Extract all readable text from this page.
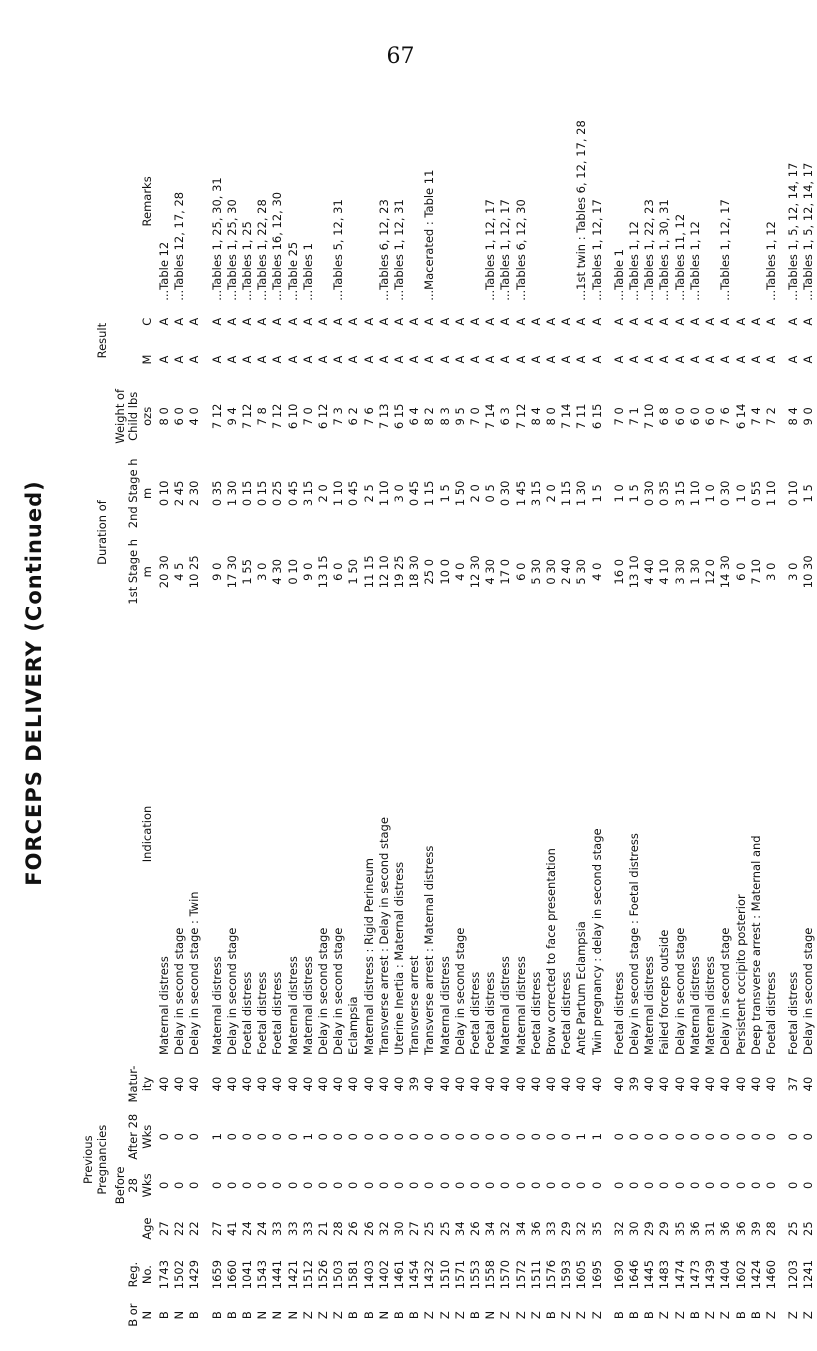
67
FORCEPS DELIVERY (Continued)
B or N	Reg. No.	Age	Previous Pregnancies		Matur- ity	Indication	Duration of		Weight of Child lbs ozs	Result		Remarks
			Before 28 Wks	After 28 Wks			1st Stage h m	2nd Stage h m		M	C	
B	1743	27	0	0	40	Maternal distress	20 30	0 10	8 0	A	A	...Table 12
N	1502	22	0	0	40	Delay in second stage	4 5	2 45	6 0	A	A	...Tables 12, 17, 28
B	1429	22	0	0	40	Delay in second stage : Twin	10 25	2 30	4 0	A	A	

B	1659	27	0	1	40	Maternal distress	9 0	0 35	7 12	A	A	...Tables 1, 25, 30, 31
B	1660	41	0	0	40	Delay in second stage	17 30	1 30	9 4	A	A	...Tables 1, 25, 30
B	1041	24	0	0	40	Foetal distress	1 55	0 15	7 12	A	A	...Tables 1, 25
N	1543	24	0	0	40	Foetal distress	3 0	0 15	7 8	A	A	...Tables 1, 22, 28
N	1441	33	0	0	40	Foetal distress	4 30	0 25	7 12	A	A	...Tables 16, 12, 30
N	1421	33	0	0	40	Maternal distress	0 10	0 45	6 10	A	A	...Table 25
Z	1512	33	0	1	40	Maternal distress	9 0	3 15	7 0	A	A	...Tables 1
Z	1526	21	0	0	40	Delay in second stage	13 15	2 0	6 12	A	A	
Z	1503	28	0	0	40	Delay in second stage	6 0	1 10	7 3	A	A	...Tables 5, 12, 31
B	1581	26	0	0	40	Eclampsia	1 50	0 45	6 2	A	A	
B	1403	26	0	0	40	Maternal distress : Rigid Perineum	11 15	2 5	7 6	A	A	
N	1402	32	0	0	40	Transverse arrest : Delay in second stage	12 10	1 10	7 13	A	A	...Tables 6, 12, 23
B	1461	30	0	0	40	Uterine Inertia : Maternal distress	19 25	3 0	6 15	A	A	...Tables 1, 12, 31
B	1454	27	0	0	39	Transverse arrest	18 30	0 45	6 4	A	A	
Z	1432	25	0	0	40	Transverse arrest : Maternal distress	25 0	1 15	8 2	A	A	...Macerated : Table 11
Z	1510	25	0	0	40	Maternal distress	10 0	1 5	8 3	A	A	
Z	1571	34	0	0	40	Delay in second stage	4 0	1 50	9 5	A	A	
B	1553	26	0	0	40	Foetal distress	12 30	2 0	7 0	A	A	
N	1558	34	0	0	40	Foetal distress	4 30	0 5	7 14	A	A	...Tables 1, 12, 17
Z	1570	32	0	0	40	Maternal distress	17 0	0 30	6 3	A	A	...Tables 1, 12, 17
Z	1572	34	0	0	40	Maternal distress	6 0	1 45	7 12	A	A	...Tables 6, 12, 30
Z	1511	36	0	0	40	Foetal distress	5 30	3 15	8 4	A	A	
B	1576	33	0	0	40	Brow corrected to face presentation	0 30	2 0	8 0	A	A	
Z	1593	29	0	0	40	Foetal distress	2 40	1 15	7 14	A	A	
Z	1605	32	0	1	40	Ante Partum Eclampsia	5 30	1 30	7 11	A	A	...1st twin : Tables 6, 12, 17, 28
Z	1695	35	0	1	40	Twin pregnancy : delay in second stage	4 0	1 5	6 15	A	A	...Tables 1, 12, 17

B	1690	32	0	0	40	Foetal distress	16 0	1 0	7 0	A	A	...Table 1
B	1646	30	0	0	39	Delay in second stage : Foetal distress	13 10	1 5	7 1	A	A	...Tables 1, 12
B	1445	29	0	0	40	Maternal distress	4 40	0 30	7 10	A	A	...Tables 1, 22, 23
Z	1483	29	0	0	40	Failed forceps outside	4 10	0 35	6 8	A	A	...Tables 1, 30, 31
Z	1474	35	0	0	40	Delay in second stage	3 30	3 15	6 0	A	A	...Tables 11, 12
B	1473	36	0	0	40	Maternal distress	1 30	1 10	6 0	A	A	...Tables 1, 12
Z	1439	31	0	0	40	Maternal distress	12 0	1 0	6 0	A	A	
Z	1404	36	0	0	40	Delay in second stage	14 30	0 30	7 6	A	A	...Tables 1, 12, 17
B	1602	36	0	0	40	Persistent occipito posterior	6 0	1 0	6 14	A	A	
B	1424	39	0	0	40	Deep transverse arrest : Maternal and	7 10	0 55	7 4	A	A	
Z	1460	28	0	0	40	Foetal distress	3 0	1 10	7 2	A	A	...Tables 1, 12

Z	1203	25	0	0	37	Foetal distress	3 0	0 10	8 4	A	A	...Tables 1, 5, 12, 14, 17
Z	1241	25	0	0	40	Delay in second stage	10 30	1 5	9 0	A	A	...Tables 1, 5, 12, 14, 17
